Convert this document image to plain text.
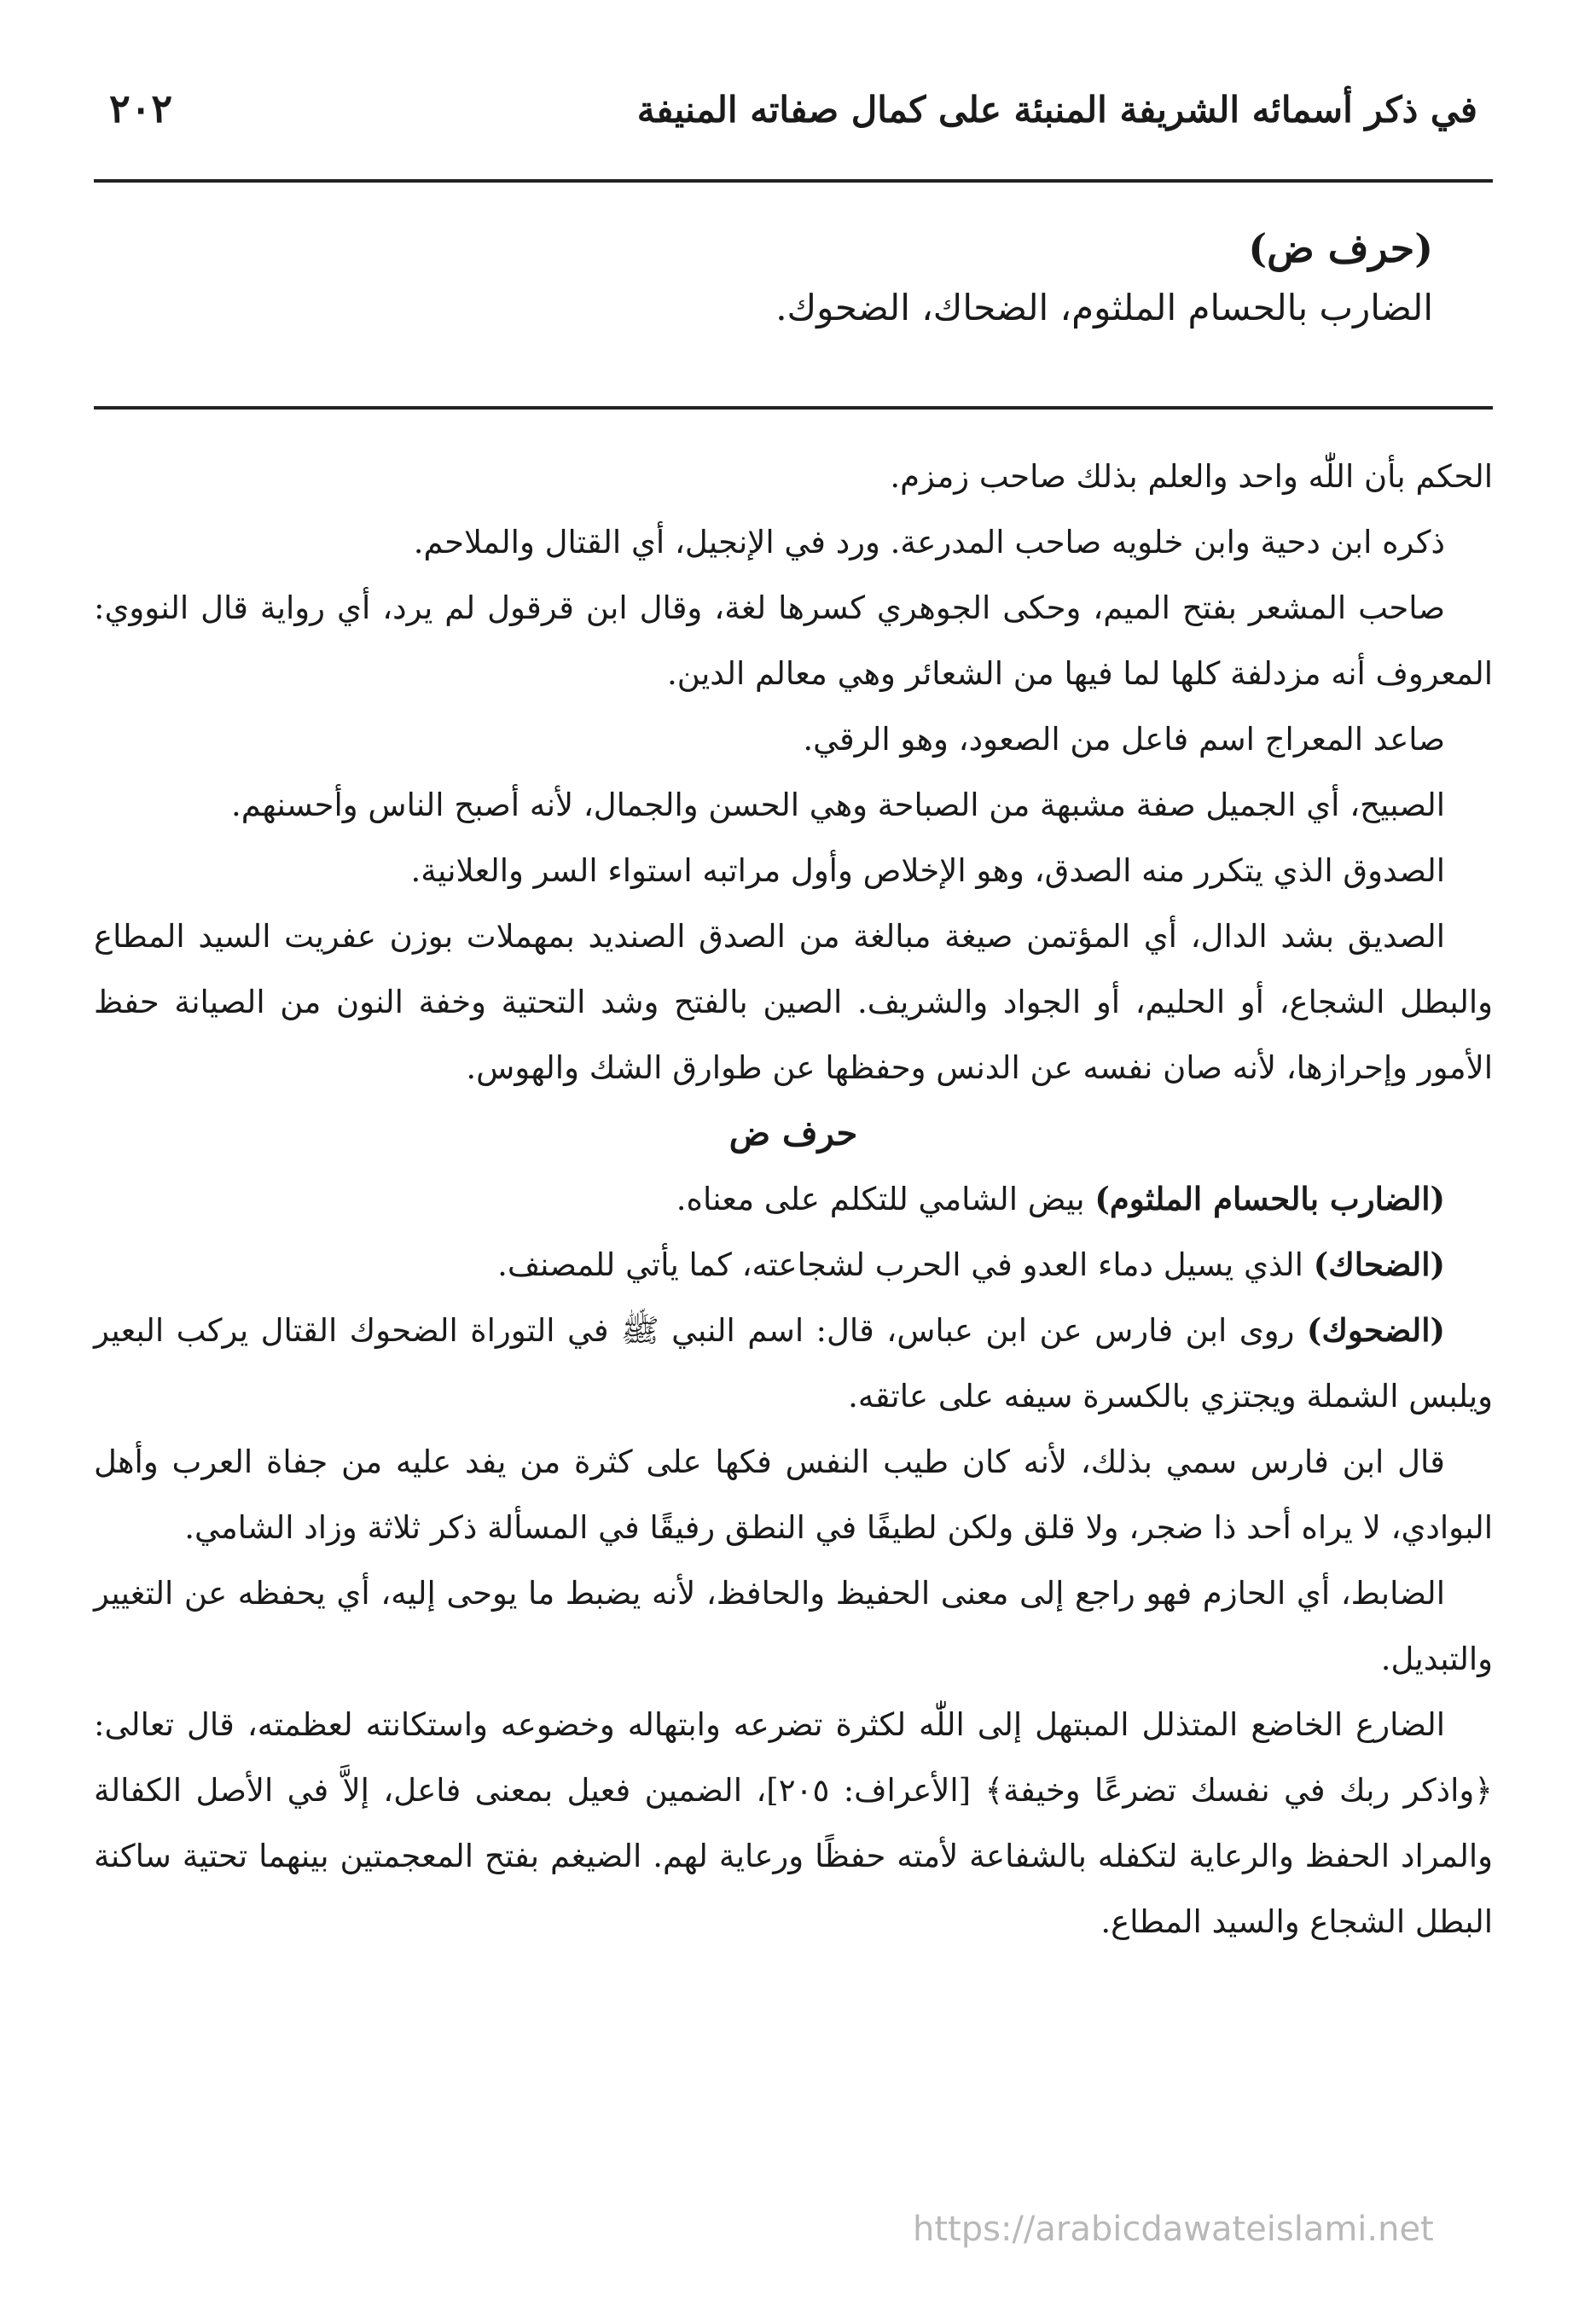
في ذكر أسمائه الشريفة المنبئة على كمال صفاته المنيفة
٢٠٢

(حرف ض)

الضارب بالحسام الملثوم، الضحاك، الضحوك.

الحكم بأن اللّٰه واحد والعلم بذلك صاحب زمزم.

ذكره ابن دحية وابن خلويه صاحب المدرعة. ورد في الإنجيل، أي القتال والملاحم.

صاحب المشعر بفتح الميم، وحكى الجوهري كسرها لغة، وقال ابن قرقول لم يرد، أي رواية قال النووي: المعروف أنه مزدلفة كلها لما فيها من الشعائر وهي معالم الدين.

صاعد المعراج اسم فاعل من الصعود، وهو الرقي.

الصبيح، أي الجميل صفة مشبهة من الصباحة وهي الحسن والجمال، لأنه أصبح الناس وأحسنهم.

الصدوق الذي يتكرر منه الصدق، وهو الإخلاص وأول مراتبه استواء السر والعلانية.

الصديق بشد الدال، أي المؤتمن صيغة مبالغة من الصدق الصنديد بمهملات بوزن عفريت السيد المطاع والبطل الشجاع، أو الحليم، أو الجواد والشريف. الصين بالفتح وشد التحتية وخفة النون من الصيانة حفظ الأمور وإحرازها، لأنه صان نفسه عن الدنس وحفظها عن طوارق الشك والهوس.

حرف ض

(الضارب بالحسام الملثوم) بيض الشامي للتكلم على معناه.

(الضحاك) الذي يسيل دماء العدو في الحرب لشجاعته، كما يأتي للمصنف.

(الضحوك) روى ابن فارس عن ابن عباس، قال: اسم النبي ﷺ في التوراة الضحوك القتال يركب البعير ويلبس الشملة ويجتزي بالكسرة سيفه على عاتقه.

قال ابن فارس سمي بذلك، لأنه كان طيب النفس فكها على كثرة من يفد عليه من جفاة العرب وأهل البوادي، لا يراه أحد ذا ضجر، ولا قلق ولكن لطيفًا في النطق رفيقًا في المسألة ذكر ثلاثة وزاد الشامي.

الضابط، أي الحازم فهو راجع إلى معنى الحفيظ والحافظ، لأنه يضبط ما يوحى إليه، أي يحفظه عن التغيير والتبديل.

الضارع الخاضع المتذلل المبتهل إلى اللّٰه لكثرة تضرعه وابتهاله وخضوعه واستكانته لعظمته، قال تعالى: ﴿واذكر ربك في نفسك تضرعًا وخيفة﴾ [الأعراف: ٢٠٥]، الضمين فعيل بمعنى فاعل، إلاَّ في الأصل الكفالة والمراد الحفظ والرعاية لتكفله بالشفاعة لأمته حفظًا ورعاية لهم. الضيغم بفتح المعجمتين بينهما تحتية ساكنة البطل الشجاع والسيد المطاع.

https://arabicdawateislami.net
